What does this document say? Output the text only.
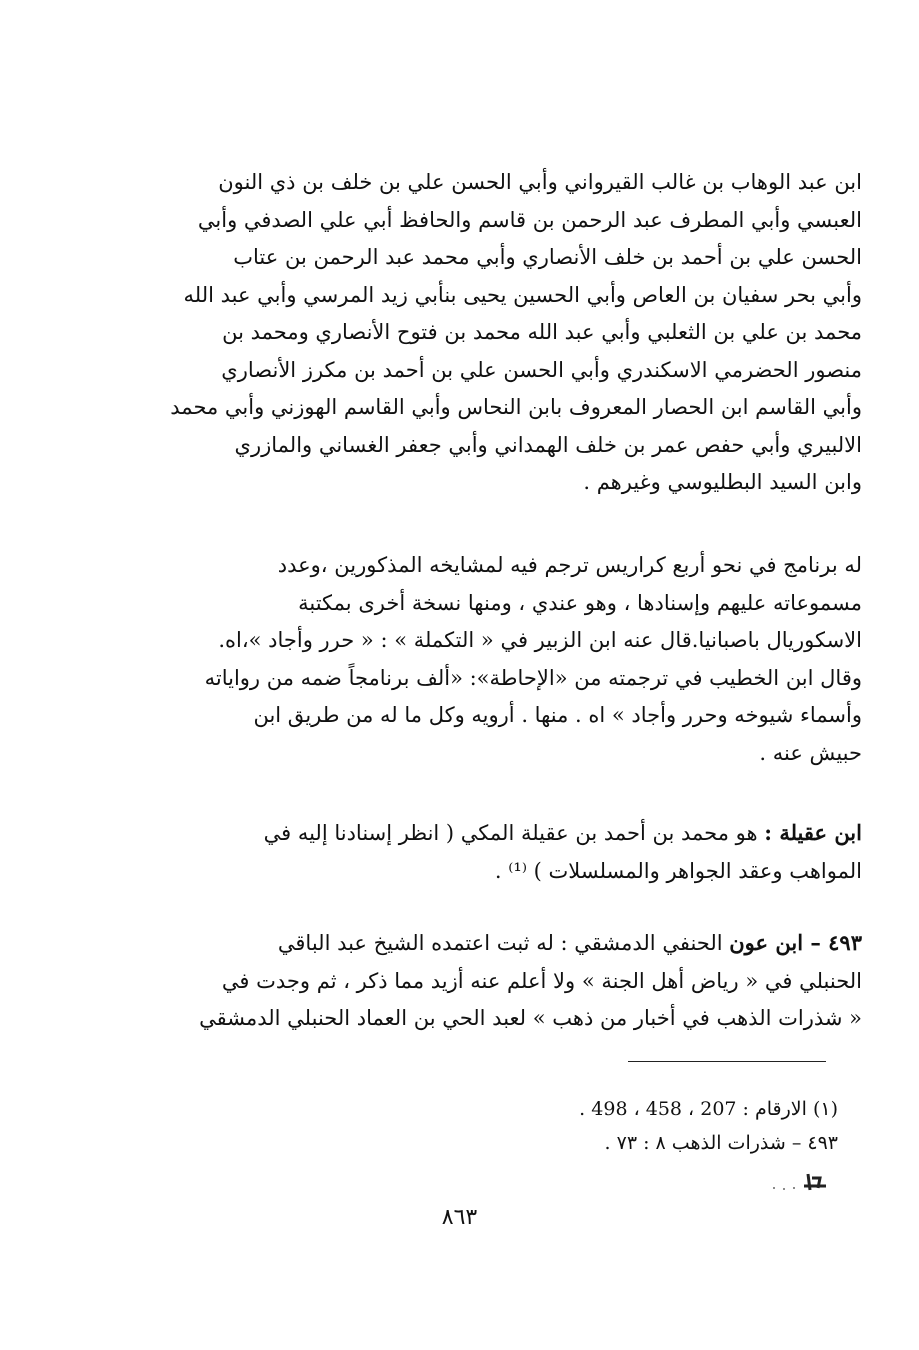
ابن عبد الوهاب بن غالب القيرواني وأبي الحسن علي بن خلف بن ذي النون
العبسي وأبي المطرف عبد الرحمن بن قاسم والحافظ أبي علي الصدفي وأبي
الحسن علي بن أحمد بن خلف الأنصاري وأبي محمد عبد الرحمن بن عتاب
وأبي بحر سفيان بن العاص وأبي الحسين يحيى بنأبي زيد المرسي وأبي عبد الله
محمد بن علي بن الثعلبي وأبي عبد الله محمد بن فتوح الأنصاري ومحمد بن
منصور الحضرمي الاسكندري وأبي الحسن علي بن أحمد بن مكرز الأنصاري
وأبي القاسم ابن الحصار المعروف بابن النحاس وأبي القاسم الهوزني وأبي محمد
الالبيري وأبي حفص عمر بن خلف الهمداني وأبي جعفر الغساني والمازري
وابن السيد البطليوسي وغيرهم .
له برنامج في نحو أربع كراريس ترجم فيه لمشايخه المذكورين ،وعدد
مسموعاته عليهم وإسنادها ، وهو عندي ، ومنها نسخة أخرى بمكتبة
الاسكوريال باصبانيا.قال عنه ابن الزبير في « التكملة » : « حرر وأجاد »،اه.
وقال ابن الخطيب في ترجمته من «الإحاطة»: «ألف برنامجاً ضمه من رواياته
وأسماء شيوخه وحرر وأجاد » اه . منها . أرويه وكل ما له من طريق ابن
حبيش عنه .
ابن عقيلة : هو محمد بن أحمد بن عقيلة المكي ( انظر إسنادنا إليه في
المواهب وعقد الجواهر والمسلسلات ) ⁽¹⁾ .
٤٩٣ – ابن عون الحنفي الدمشقي : له ثبت اعتمده الشيخ عبد الباقي
الحنبلي في « رياض أهل الجنة » ولا أعلم عنه أزيد مما ذكر ، ثم وجدت في
« شذرات الذهب في أخبار من ذهب » لعبد الحي بن العماد الحنبلي الدمشقي
(١) الارقام : 207 ، 458 ، 498 .
٤٩٣ – شذرات الذهب ٨ : ٧٣ .
٨٦٣
